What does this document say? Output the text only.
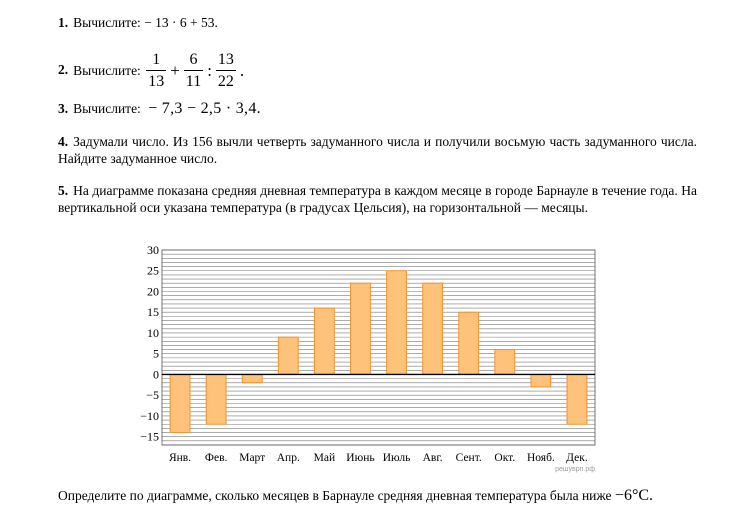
1. Вычислите: − 13 · 6 + 53.
2. Вычислите: $\frac{1}{13} + \frac{6}{11}$ : $\frac{13}{22}$ .
3. Вычислите: − 7,3 − 2,5 · 3,4.
4. Задумали число. Из 156 вычли четверть задуманного числа и получили восьмую часть задуманного числа. Найдите задуманное число.
5. На диаграмме показана средняя дневная температура в каждом месяце в городе Барнауле в течение года. На вертикальной оси указана температура (в градусах Цельсия), на горизонтальной — месяцы.
30
25
20
15
10
5
0
−5
−10
−15
Янв. Фев. Март Апр. Май Июнь Июль Авг. Сент. Окт. Нояб. Дек.
решуврп.рф
Определите по диаграмме, сколько месяцев в Барнауле средняя дневная температура была ниже −6°C.
